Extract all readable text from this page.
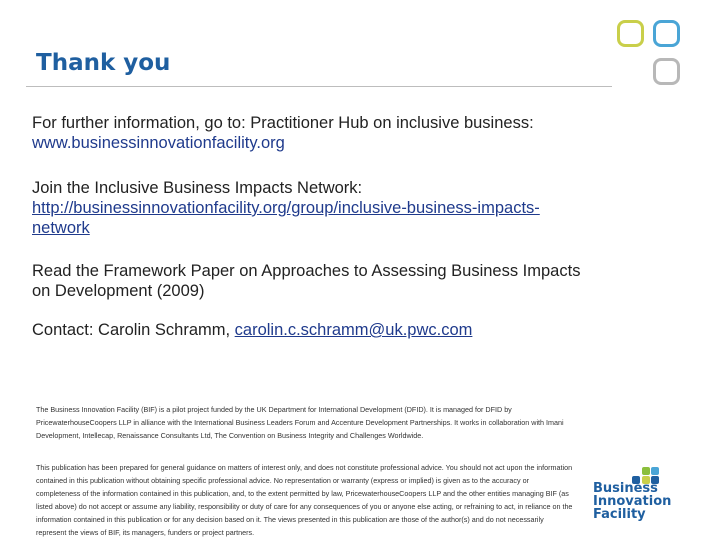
Thank you
For further information, go to: Practitioner Hub on inclusive business: www.businessinnovationfacility.org
Join the Inclusive Business Impacts Network:
http://businessinnovationfacility.org/group/inclusive-business-impacts-network
Read the Framework Paper on Approaches to Assessing Business Impacts on Development (2009)
Contact: Carolin Schramm, carolin.c.schramm@uk.pwc.com
The Business Innovation Facility (BIF) is a pilot project funded by the UK Department for International Development (DFID). It is managed for DFID by PricewaterhouseCoopers LLP in alliance with the International Business Leaders Forum and Accenture Development Partnerships. It works in collaboration with Imani Development, Intellecap, Renaissance Consultants Ltd, The Convention on Business Integrity and Challenges Worldwide.
This publication has been prepared for general guidance on matters of interest only, and does not constitute professional advice. You should not act upon the information contained in this publication without obtaining specific professional advice. No representation or warranty (express or implied) is given as to the accuracy or completeness of the information contained in this publication, and, to the extent permitted by law, PricewaterhouseCoopers LLP and the other entities managing BIF (as listed above) do not accept or assume any liability, responsibility or duty of care for any consequences of you or anyone else acting, or refraining to act, in reliance on the information contained in this publication or for any decision based on it. The views presented in this publication are those of the author(s) and do not necessarily represent the views of BIF, its managers, funders or project partners.
Business
Innovation
Facility
